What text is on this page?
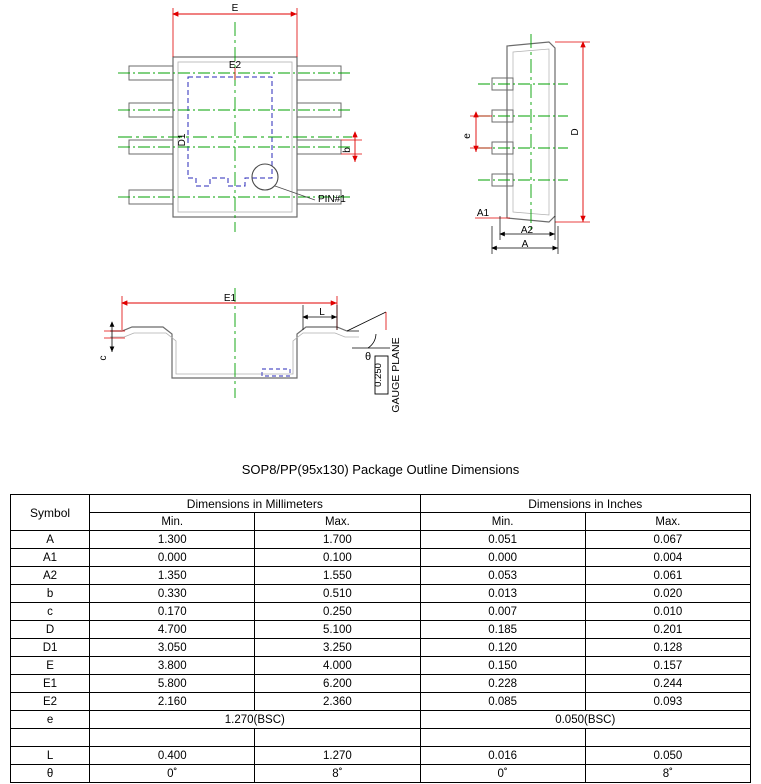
PIN#1
E
E2
D1
b
e
D
A1
A2
A
E1
L
c	θ
0.250 GAUGE PLANE
SOP8/PP(95x130) Package Outline Dimensions
Symbol	Dimensions in Millimeters		Dimensions in Inches	
	Min.	Max.	Min.	Max.
A	1.300	1.700	0.051	0.067
A1	0.000	0.100	0.000	0.004
A2	1.350	1.550	0.053	0.061
b	0.330	0.510	0.013	0.020
c	0.170	0.250	0.007	0.010
D	4.700	5.100	0.185	0.201
D1	3.050	3.250	0.120	0.128
E	3.800	4.000	0.150	0.157
E1	5.800	6.200	0.228	0.244
E2	2.160	2.360	0.085	0.093
e	1.270(BSC)		0.050(BSC)	

L	0.400	1.270	0.016	0.050
θ	0˚	8˚	0˚	8˚
